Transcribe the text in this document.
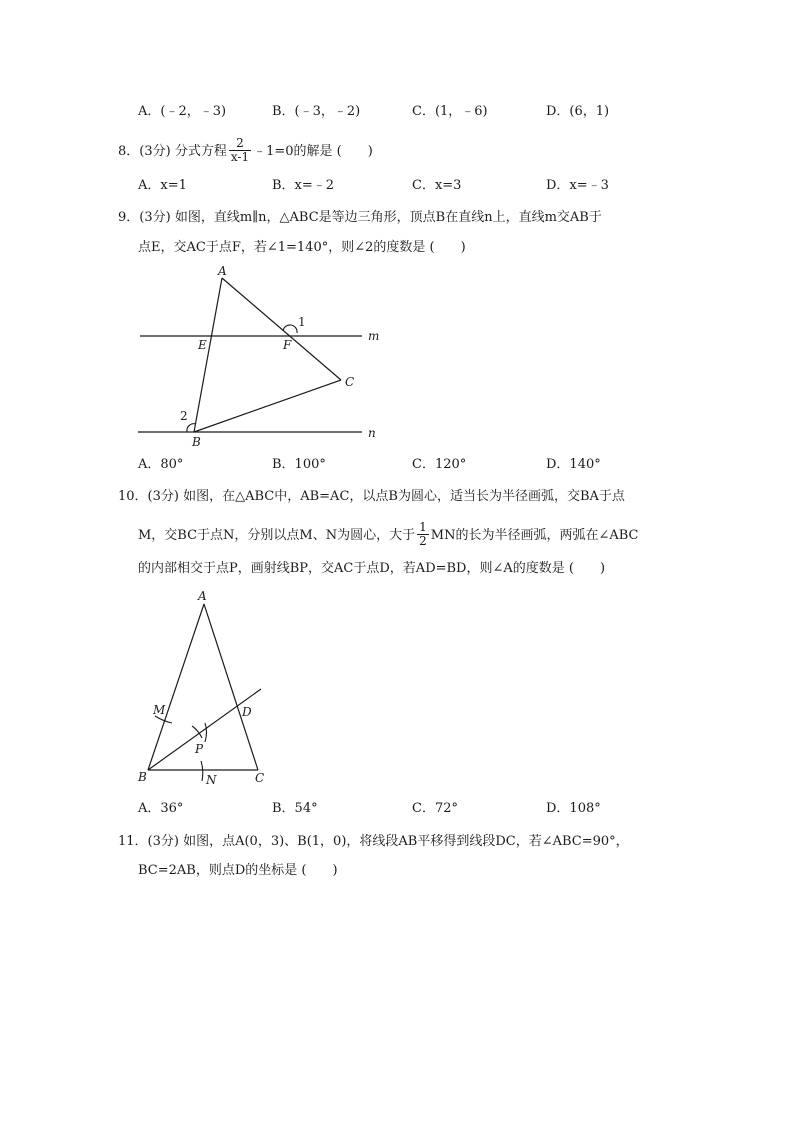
A．(﹣2，﹣3)	B．(﹣3，﹣2)	C．(1，﹣6)	D．(6，1)
8．(3分) 分式方程 $\frac{2}{x-1}$ ﹣1=0的解是 (　　)
A．x=1	B．x=﹣2	C．x=3	D．x=﹣3
9．(3分) 如图，直线m∥n，△ABC是等边三角形，顶点B在直线n上，直线m交AB于
点E，交AC于点F，若∠1=140°，则∠2的度数是 (　　)
A
E	F
C
B
m
n
1
2
A．80°	B．100°	C．120°	D．140°
10．(3分) 如图，在△ABC中，AB=AC，以点B为圆心，适当长为半径画弧，交BA于点
M，交BC于点N，分别以点M、N为圆心，大于 $\frac{1}{2}$ MN的长为半径画弧，两弧在∠ABC
的内部相交于点P，画射线BP，交AC于点D，若AD=BD，则∠A的度数是 (　　)
A
M	D
P
B	N	C
A．36°	B．54°	C．72°	D．108°
11．(3分) 如图，点A(0，3)、B(1，0)，将线段AB平移得到线段DC，若∠ABC=90°，
BC=2AB，则点D的坐标是 (　　)
